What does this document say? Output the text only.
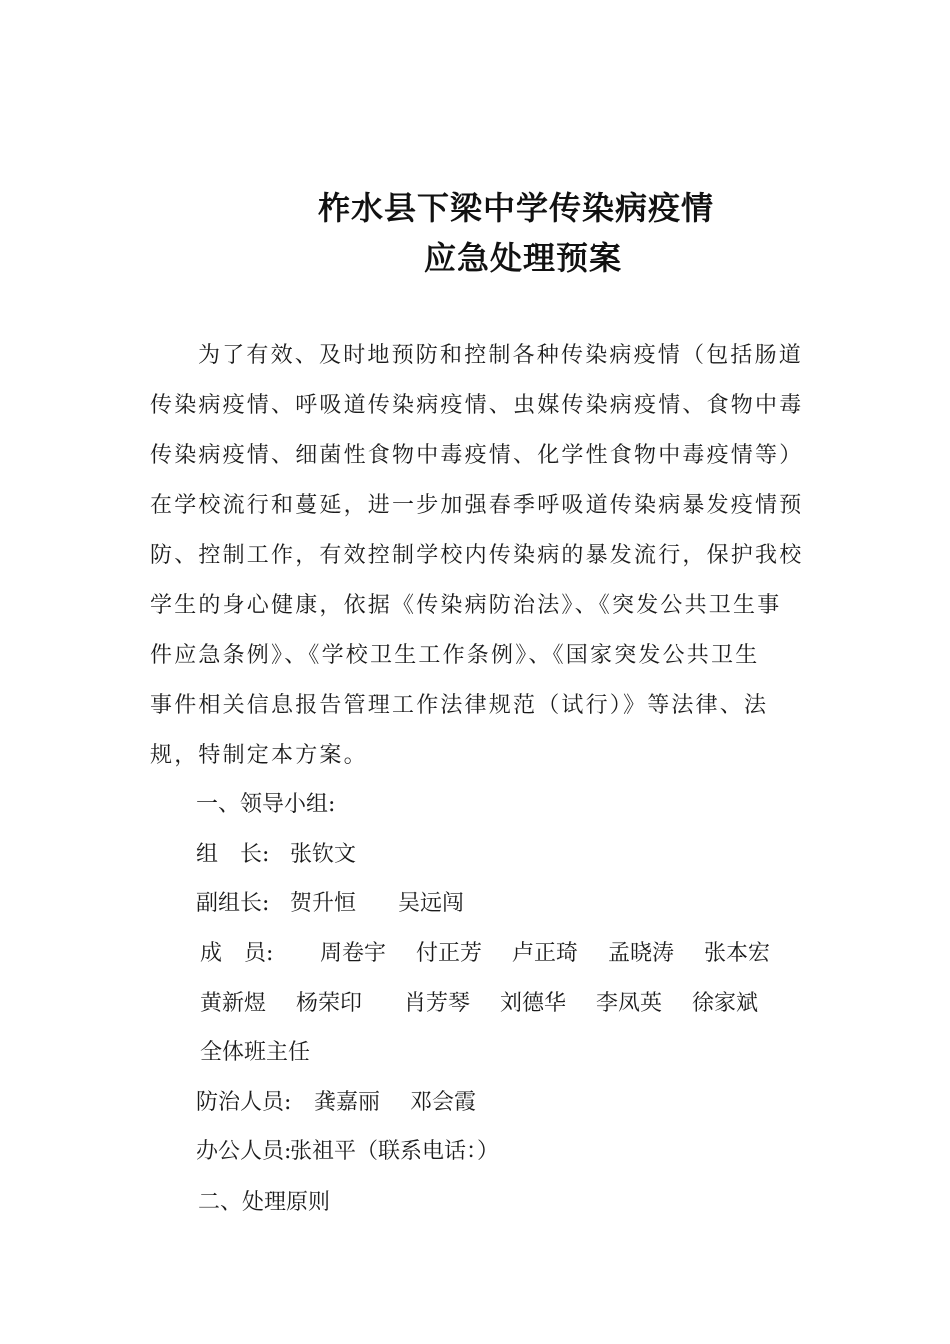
柞水县下梁中学传染病疫情
应急处理预案
为了有效、及时地预防和控制各种传染病疫情（包括肠道
传染病疫情、呼吸道传染病疫情、虫媒传染病疫情、食物中毒
传染病疫情、细菌性食物中毒疫情、化学性食物中毒疫情等）
在学校流行和蔓延，进一步加强春季呼吸道传染病暴发疫情预
防、控制工作，有效控制学校内传染病的暴发流行，保护我校
学生的身心健康，依据《传染病防治法》、《突发公共卫生事
件应急条例》、《学校卫生工作条例》、《国家突发公共卫生
事件相关信息报告管理工作法律规范（试行）》等法律、法
规，特制定本方案。
一、领导小组:
组　长: 张钦文
副组长: 贺升恒 吴远闯
成　员: 周卷宇 付正芳 卢正琦 孟晓涛 张本宏
黄新煜 杨荣印 肖芳琴 刘德华 李凤英 徐家斌
全体班主任
防治人员: 龚嘉丽 邓会霞
办公人员:
张祖平（联系电话：）
二、处理原则
